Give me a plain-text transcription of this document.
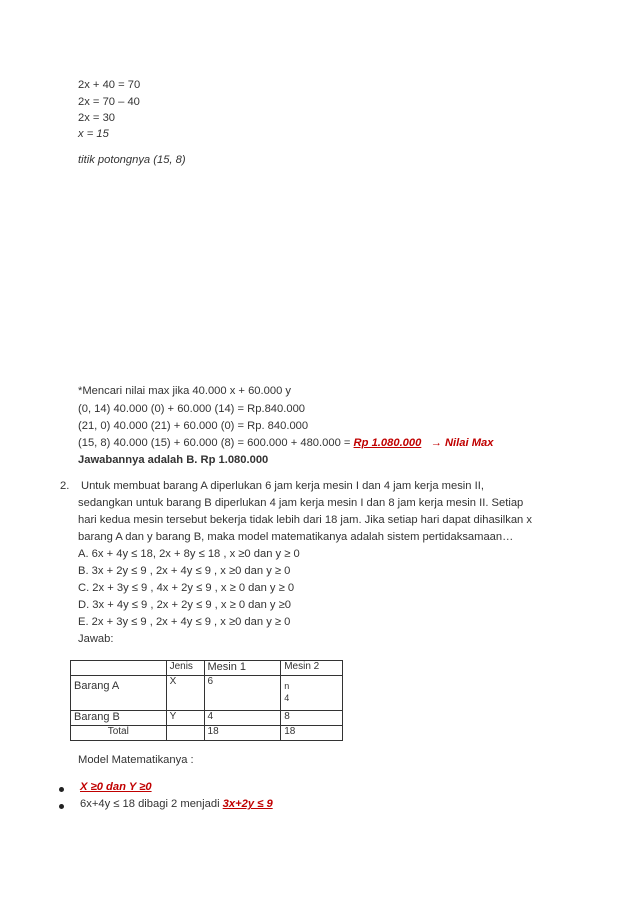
2x + 40 = 70
2x = 70 – 40
2x = 30
x = 15
titik potongnya (15, 8)
*Mencari nilai max jika 40.000 x + 60.000 y
(0, 14) 40.000 (0) + 60.000 (14) = Rp.840.000
(21, 0) 40.000 (21) + 60.000 (0) = Rp. 840.000
(15, 8) 40.000 (15) + 60.000 (8) = 600.000 + 480.000 = Rp 1.080.000 → Nilai Max
Jawabannya adalah B. Rp 1.080.000
2. Untuk membuat barang A diperlukan 6 jam kerja mesin I dan 4 jam kerja mesin II,
sedangkan untuk barang B diperlukan 4 jam kerja mesin I dan 8 jam kerja mesin II. Setiap
hari kedua mesin tersebut bekerja tidak lebih dari 18 jam. Jika setiap hari dapat dihasilkan x
barang A dan y barang B, maka model matematikanya adalah sistem pertidaksamaan…
A. 6x + 4y ≤ 18, 2x + 8y ≤ 18 , x ≥0 dan y ≥ 0
B. 3x + 2y ≤ 9 , 2x + 4y ≤ 9 , x ≥0 dan y ≥ 0
C. 2x + 3y ≤ 9 , 4x + 2y ≤ 9 , x ≥ 0 dan y ≥ 0
D. 3x + 4y ≤ 9 , 2x + 2y ≤ 9 , x ≥ 0 dan y ≥0
E. 2x + 3y ≤ 9 , 2x + 4y ≤ 9 , x ≥0 dan y ≥ 0
Jawab:
	Jenis	Mesin 1	Mesin 2
Barang A	X	6	n
4

Barang B	Y	4	8
Total		18	18
Model Matematikanya :
X ≥0 dan Y ≥0
6x+4y ≤ 18 dibagi 2 menjadi 3x+2y ≤ 9
